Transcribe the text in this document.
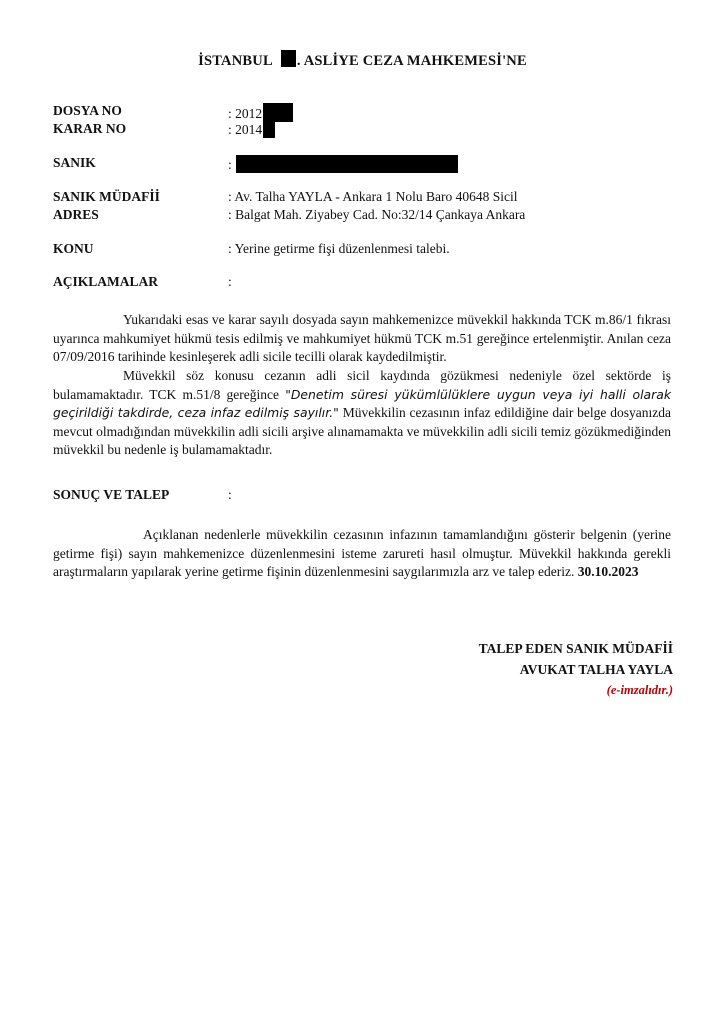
İSTANBUL . ASLİYE CEZA MAHKEMESİ'NE
DOSYA NO	: 2012
KARAR NO	: 2014
SANIK	:
SANIK MÜDAFİİ	: Av. Talha YAYLA - Ankara 1 Nolu Baro 40648 Sicil
ADRES	: Balgat Mah. Ziyabey Cad. No:32/14 Çankaya Ankara
KONU	: Yerine getirme fişi düzenlenmesi talebi.
AÇIKLAMALAR	:
Yukarıdaki esas ve karar sayılı dosyada sayın mahkemenizce müvekkil hakkında TCK m.86/1 fıkrası uyarınca mahkumiyet hükmü tesis edilmiş ve mahkumiyet hükmü TCK m.51 gereğince ertelenmiştir. Anılan ceza 07/09/2016 tarihinde kesinleşerek adli sicile tecilli olarak kaydedilmiştir.
Müvekkil söz konusu cezanın adli sicil kaydında gözükmesi nedeniyle özel sektörde iş bulamamaktadır. TCK m.51/8 gereğince "Denetim süresi yükümlülüklere uygun veya iyi halli olarak geçirildiği takdirde, ceza infaz edilmiş sayılır." Müvekkilin cezasının infaz edildiğine dair belge dosyanızda mevcut olmadığından müvekkilin adli sicili arşive alınamamakta ve müvekkilin adli sicili temiz gözükmediğinden müvekkil bu nedenle iş bulamamaktadır.
SONUÇ VE TALEP	:
Açıklanan nedenlerle müvekkilin cezasının infazının tamamlandığını gösterir belgenin (yerine getirme fişi) sayın mahkemenizce düzenlenmesini isteme zarureti hasıl olmuştur. Müvekkil hakkında gerekli araştırmaların yapılarak yerine getirme fişinin düzenlenmesini saygılarımızla arz ve talep ederiz. 30.10.2023
TALEP EDEN SANIK MÜDAFİİ
AVUKAT TALHA YAYLA
(e-imzalıdır.)
